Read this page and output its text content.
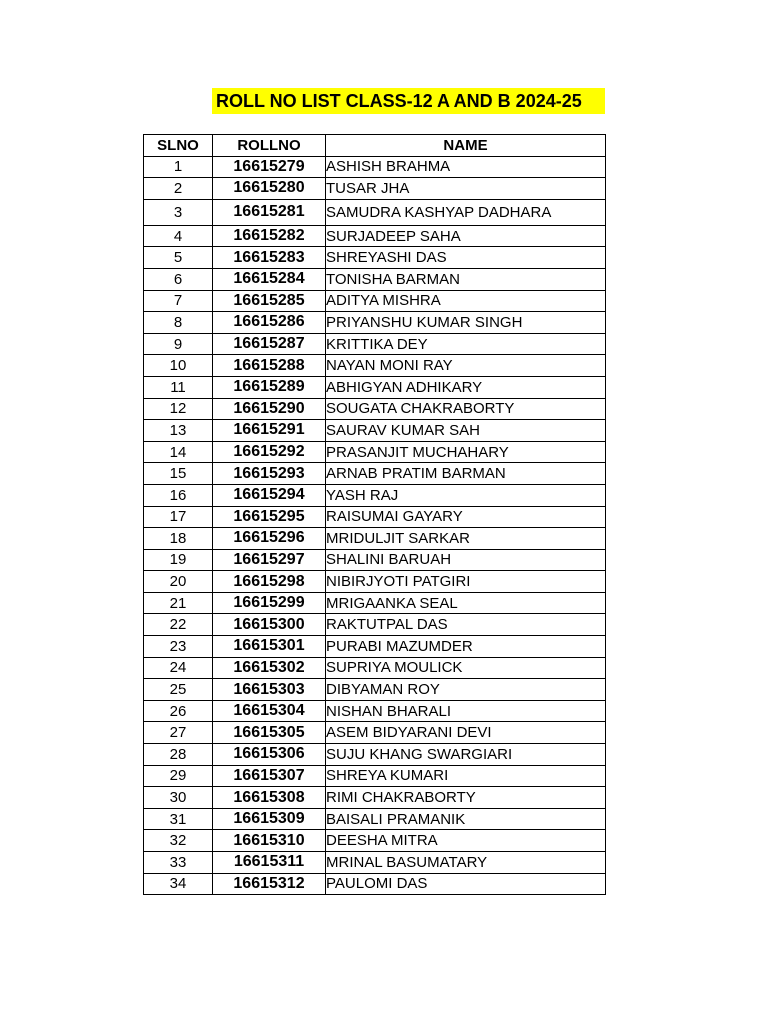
ROLL NO LIST CLASS-12 A AND B 2024-25
SLNO	ROLLNO	NAME
1	16615279	ASHISH BRAHMA
2	16615280	TUSAR JHA
3	16615281	SAMUDRA KASHYAP DADHARA
4	16615282	SURJADEEP SAHA
5	16615283	SHREYASHI DAS
6	16615284	TONISHA BARMAN
7	16615285	ADITYA MISHRA
8	16615286	PRIYANSHU KUMAR SINGH
9	16615287	KRITTIKA DEY
10	16615288	NAYAN MONI RAY
11	16615289	ABHIGYAN ADHIKARY
12	16615290	SOUGATA CHAKRABORTY
13	16615291	SAURAV KUMAR SAH
14	16615292	PRASANJIT MUCHAHARY
15	16615293	ARNAB PRATIM BARMAN
16	16615294	YASH RAJ
17	16615295	RAISUMAI GAYARY
18	16615296	MRIDULJIT SARKAR
19	16615297	SHALINI BARUAH
20	16615298	NIBIRJYOTI PATGIRI
21	16615299	MRIGAANKA SEAL
22	16615300	RAKTUTPAL DAS
23	16615301	PURABI MAZUMDER
24	16615302	SUPRIYA MOULICK
25	16615303	DIBYAMAN ROY
26	16615304	NISHAN BHARALI
27	16615305	ASEM BIDYARANI DEVI
28	16615306	SUJU KHANG SWARGIARI
29	16615307	SHREYA KUMARI
30	16615308	RIMI CHAKRABORTY
31	16615309	BAISALI PRAMANIK
32	16615310	DEESHA MITRA
33	16615311	MRINAL BASUMATARY
34	16615312	PAULOMI DAS
